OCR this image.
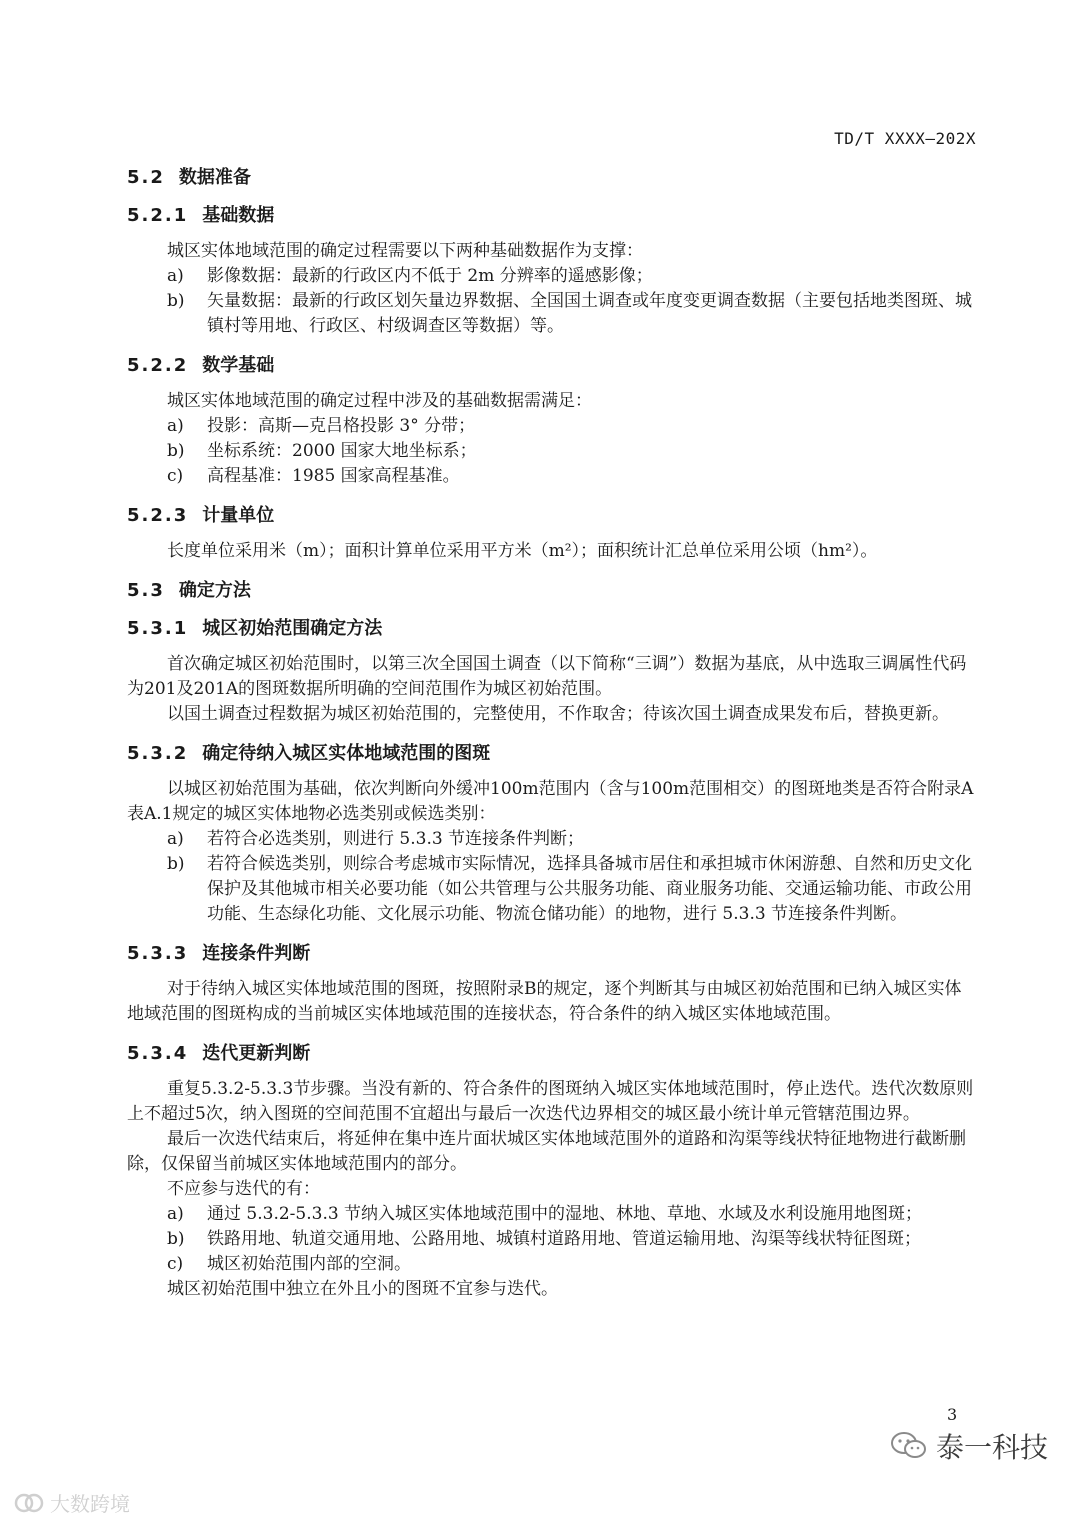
TD/T XXXX—202X
5.2 数据准备
5.2.1 基础数据

城区实体地域范围的确定过程需要以下两种基础数据作为支撑：

a)	影像数据：最新的行政区内不低于 2m 分辨率的遥感影像；
b)	矢量数据：最新的行政区划矢量边界数据、全国国土调查或年度变更调查数据（主要包括地类图斑、城镇村等用地、行政区、村级调查区等数据）等。
5.2.2 数学基础

城区实体地域范围的确定过程中涉及的基础数据需满足：

a)	投影：高斯—克吕格投影 3° 分带；
b)	坐标系统：2000 国家大地坐标系；
c)	高程基准：1985 国家高程基准。
5.2.3 计量单位

长度单位采用米（m）；面积计算单位采用平方米（m²）；面积统计汇总单位采用公顷（hm²）。

5.3 确定方法
5.3.1 城区初始范围确定方法

首次确定城区初始范围时，以第三次全国国土调查（以下简称“三调”）数据为基底，从中选取三调属性代码为201及201A的图斑数据所明确的空间范围作为城区初始范围。

以国土调查过程数据为城区初始范围的，完整使用，不作取舍；待该次国土调查成果发布后，替换更新。

5.3.2 确定待纳入城区实体地域范围的图斑

以城区初始范围为基础，依次判断向外缓冲100m范围内（含与100m范围相交）的图斑地类是否符合附录A表A.1规定的城区实体地物必选类别或候选类别：

a)	若符合必选类别，则进行 5.3.3 节连接条件判断；
b)	若符合候选类别，则综合考虑城市实际情况，选择具备城市居住和承担城市休闲游憩、自然和历史文化保护及其他城市相关必要功能（如公共管理与公共服务功能、商业服务功能、交通运输功能、市政公用功能、生态绿化功能、文化展示功能、物流仓储功能）的地物，进行 5.3.3 节连接条件判断。
5.3.3 连接条件判断

对于待纳入城区实体地域范围的图斑，按照附录B的规定，逐个判断其与由城区初始范围和已纳入城区实体地域范围的图斑构成的当前城区实体地域范围的连接状态，符合条件的纳入城区实体地域范围。

5.3.4 迭代更新判断

重复5.3.2-5.3.3节步骤。当没有新的、符合条件的图斑纳入城区实体地域范围时，停止迭代。迭代次数原则上不超过5次，纳入图斑的空间范围不宜超出与最后一次迭代边界相交的城区最小统计单元管辖范围边界。

最后一次迭代结束后，将延伸在集中连片面状城区实体地域范围外的道路和沟渠等线状特征地物进行截断删除，仅保留当前城区实体地域范围内的部分。

不应参与迭代的有：

a)	通过 5.3.2-5.3.3 节纳入城区实体地域范围中的湿地、林地、草地、水域及水利设施用地图斑；
b)	铁路用地、轨道交通用地、公路用地、城镇村道路用地、管道运输用地、沟渠等线状特征图斑；
c)	城区初始范围内部的空洞。

城区初始范围中独立在外且小的图斑不宜参与迭代。

3
泰一科技
大数跨境
